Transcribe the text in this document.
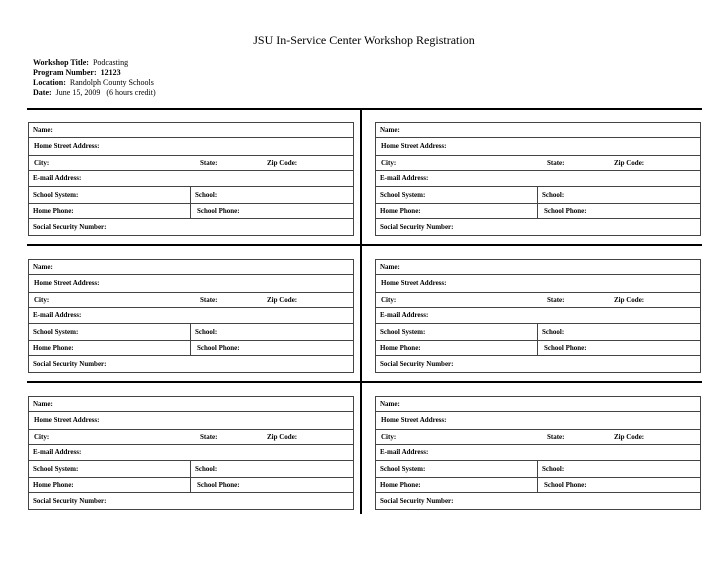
JSU In-Service Center Workshop Registration
Workshop Title: Podcasting
Program Number: 12123
Location: Randolph County Schools
Date: June 15, 2009   (6 hours credit)
Name:
Home Street Address:
City:	State:	Zip Code:
E-mail Address:
School System:	School:
Home Phone:	School Phone:
Social Security Number:
Name:
Home Street Address:
City:	State:	Zip Code:
E-mail Address:
School System:	School:
Home Phone:	School Phone:
Social Security Number:
Name:
Home Street Address:
City:	State:	Zip Code:
E-mail Address:
School System:	School:
Home Phone:	School Phone:
Social Security Number:
Name:
Home Street Address:
City:	State:	Zip Code:
E-mail Address:
School System:	School:
Home Phone:	School Phone:
Social Security Number:
Name:
Home Street Address:
City:	State:	Zip Code:
E-mail Address:
School System:	School:
Home Phone:	School Phone:
Social Security Number:
Name:
Home Street Address:
City:	State:	Zip Code:
E-mail Address:
School System:	School:
Home Phone:	School Phone:
Social Security Number:
